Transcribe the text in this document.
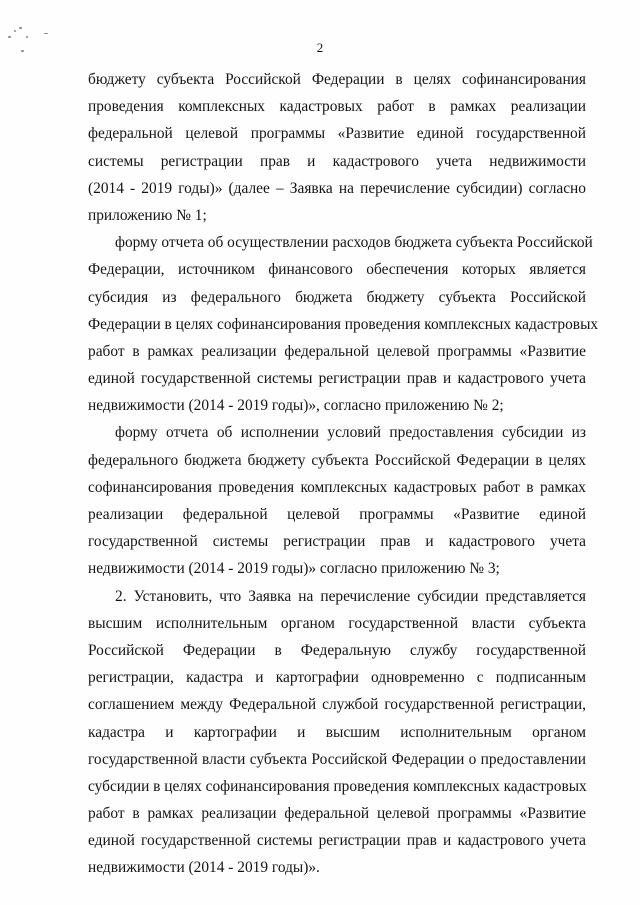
2
бюджету субъекта Российской Федерации в целях софинансирования
проведения комплексных кадастровых работ в рамках реализации
федеральной целевой программы «Развитие единой государственной
системы регистрации прав и кадастрового учета недвижимости
(2014 - 2019 годы)» (далее – Заявка на перечисление субсидии) согласно
приложению № 1;
форму отчета об осуществлении расходов бюджета субъекта Российской
Федерации, источником финансового обеспечения которых является
субсидия из федерального бюджета бюджету субъекта Российской
Федерации в целях софинансирования проведения комплексных кадастровых
работ в рамках реализации федеральной целевой программы «Развитие
единой государственной системы регистрации прав и кадастрового учета
недвижимости (2014 - 2019 годы)», согласно приложению № 2;
форму отчета об исполнении условий предоставления субсидии из
федерального бюджета бюджету субъекта Российской Федерации в целях
софинансирования проведения комплексных кадастровых работ в рамках
реализации федеральной целевой программы «Развитие единой
государственной системы регистрации прав и кадастрового учета
недвижимости (2014 - 2019 годы)» согласно приложению № 3;
2. Установить, что Заявка на перечисление субсидии представляется
высшим исполнительным органом государственной власти субъекта
Российской Федерации в Федеральную службу государственной
регистрации, кадастра и картографии одновременно с подписанным
соглашением между Федеральной службой государственной регистрации,
кадастра и картографии и высшим исполнительным органом
государственной власти субъекта Российской Федерации о предоставлении
субсидии в целях софинансирования проведения комплексных кадастровых
работ в рамках реализации федеральной целевой программы «Развитие
единой государственной системы регистрации прав и кадастрового учета
недвижимости (2014 - 2019 годы)».
